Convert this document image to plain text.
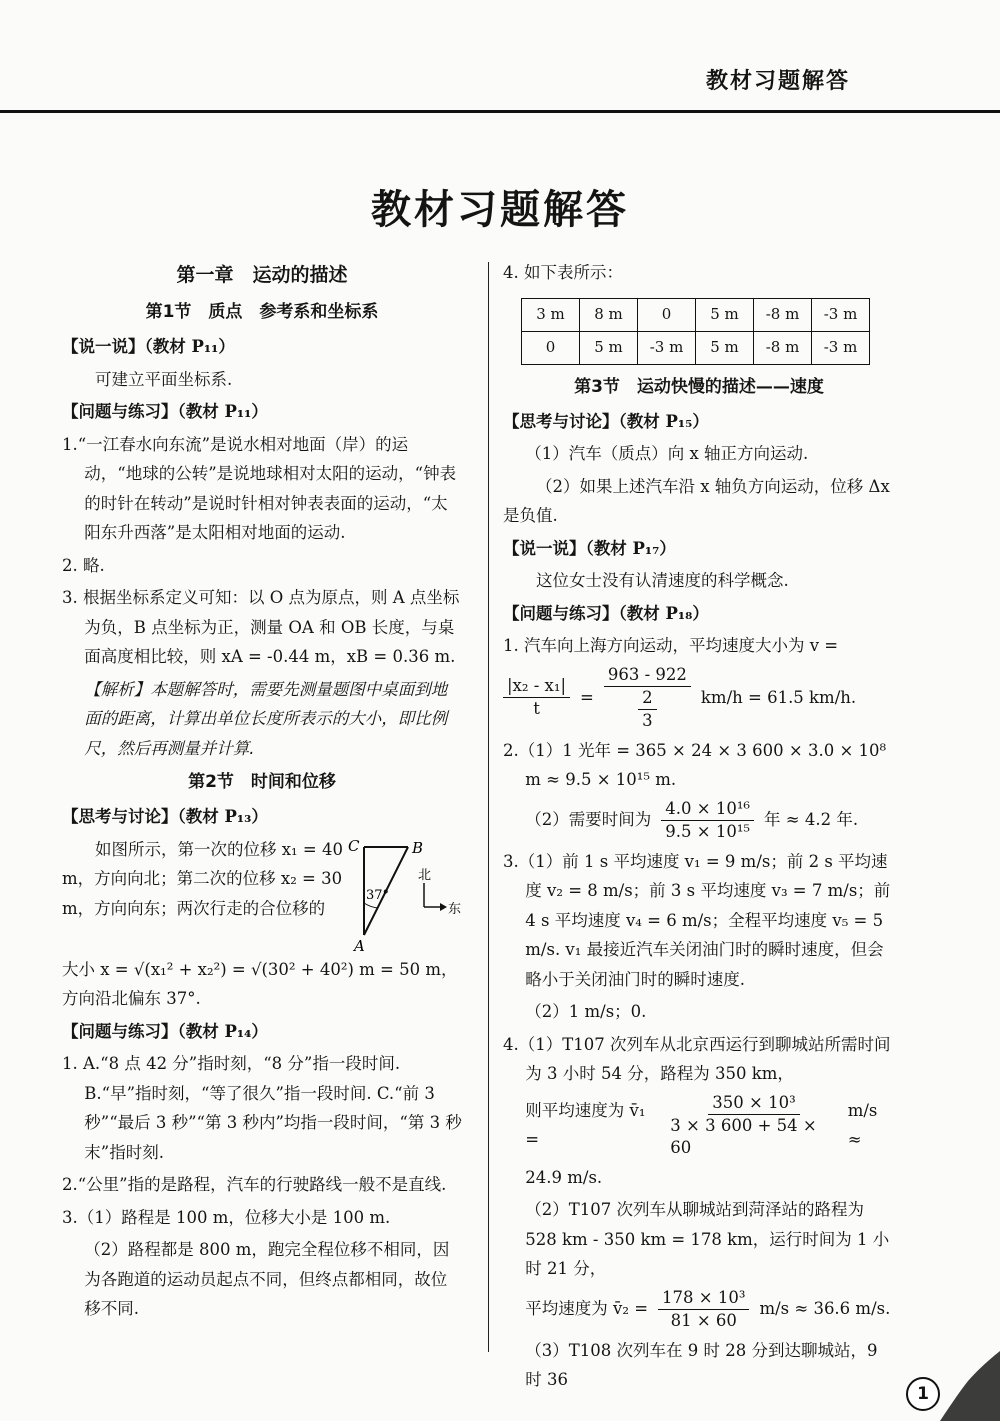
教材习题解答
教材习题解答
第一章　运动的描述
第1节　质点　参考系和坐标系
【说一说】（教材 P₁₁）
可建立平面坐标系.
【问题与练习】（教材 P₁₁）
1.“一江春水向东流”是说水相对地面（岸）的运动，“地球的公转”是说地球相对太阳的运动，“钟表的时针在转动”是说时针相对钟表表面的运动，“太阳东升西落”是太阳相对地面的运动.
2. 略.
3. 根据坐标系定义可知：以 O 点为原点，则 A 点坐标为负，B 点坐标为正，测量 OA 和 OB 长度，与桌面高度相比较，则 xA = -0.44 m，xB = 0.36 m.
【解析】本题解答时，需要先测量题图中桌面到地面的距离，计算出单位长度所表示的大小，即比例尺，然后再测量并计算.
第2节　时间和位移
【思考与讨论】（教材 P₁₃）
如图所示，第一次的位移 x₁ = 40 m，方向向北；第二次的位移 x₂ = 30 m，方向向东；两次行走的合位移的
C	B
A
37°
北
东
大小 x = √(x₁² + x₂²) = √(30² + 40²) m = 50 m，方向沿北偏东 37°.
【问题与练习】（教材 P₁₄）
1. A.“8 点 42 分”指时刻，“8 分”指一段时间. B.“早”指时刻，“等了很久”指一段时间. C.“前 3 秒”“最后 3 秒”“第 3 秒内”均指一段时间，“第 3 秒末”指时刻.
2.“公里”指的是路程，汽车的行驶路线一般不是直线.
3.（1）路程是 100 m，位移大小是 100 m.
（2）路程都是 800 m，跑完全程位移不相同，因为各跑道的运动员起点不同，但终点都相同，故位移不同.
4. 如下表所示：
3 m	8 m	0	5 m	-8 m	-3 m
0	5 m	-3 m	5 m	-8 m	-3 m
第3节　运动快慢的描述——速度
【思考与讨论】（教材 P₁₅）
（1）汽车（质点）向 x 轴正方向运动.
（2）如果上述汽车沿 x 轴负方向运动，位移 Δx 是负值.
【说一说】（教材 P₁₇）
这位女士没有认清速度的科学概念.
【问题与练习】（教材 P₁₈）
1. 汽车向上海方向运动，平均速度大小为 v =
$\frac{\text{|x₂ - x₁|}}{t} = \frac{963 - 922}{\frac{2}{3}} km/h = 61.5$ km/h.
2.（1）1 光年 = 365 × 24 × 3 600 × 3.0 × 10⁸ m ≈ 9.5 × 10¹⁵ m.
（2）需要时间为 $\frac{\text{4.0 × 10¹⁶}}{\text{9.5 × 10¹⁵}}$ 年 ≈ 4.2 年.
3.（1）前 1 s 平均速度 v₁ = 9 m/s；前 2 s 平均速度 v₂ = 8 m/s；前 3 s 平均速度 v₃ = 7 m/s；前 4 s 平均速度 v₄ = 6 m/s；全程平均速度 v₅ = 5 m/s. v₁ 最接近汽车关闭油门时的瞬时速度，但会略小于关闭油门时的瞬时速度.
（2）1 m/s；0.
4.（1）T107 次列车从北京西运行到聊城站所需时间为 3 小时 54 分，路程为 350 km，
则平均速度为 v̄₁ =	$\frac{\text{350 × 10³}}{3 \times 3 600 + 54 \times 60} m/s$ ≈
24.9 m/s.
（2）T107 次列车从聊城站到菏泽站的路程为 528 km - 350 km = 178 km，运行时间为 1 小时 21 分，
平均速度为 v̄₂ = $\frac{\text{178 × 10³}}{81 \times 60} m/s \approx 36.6$ m/s.
（3）T108 次列车在 9 时 28 分到达聊城站，9 时 36
1
